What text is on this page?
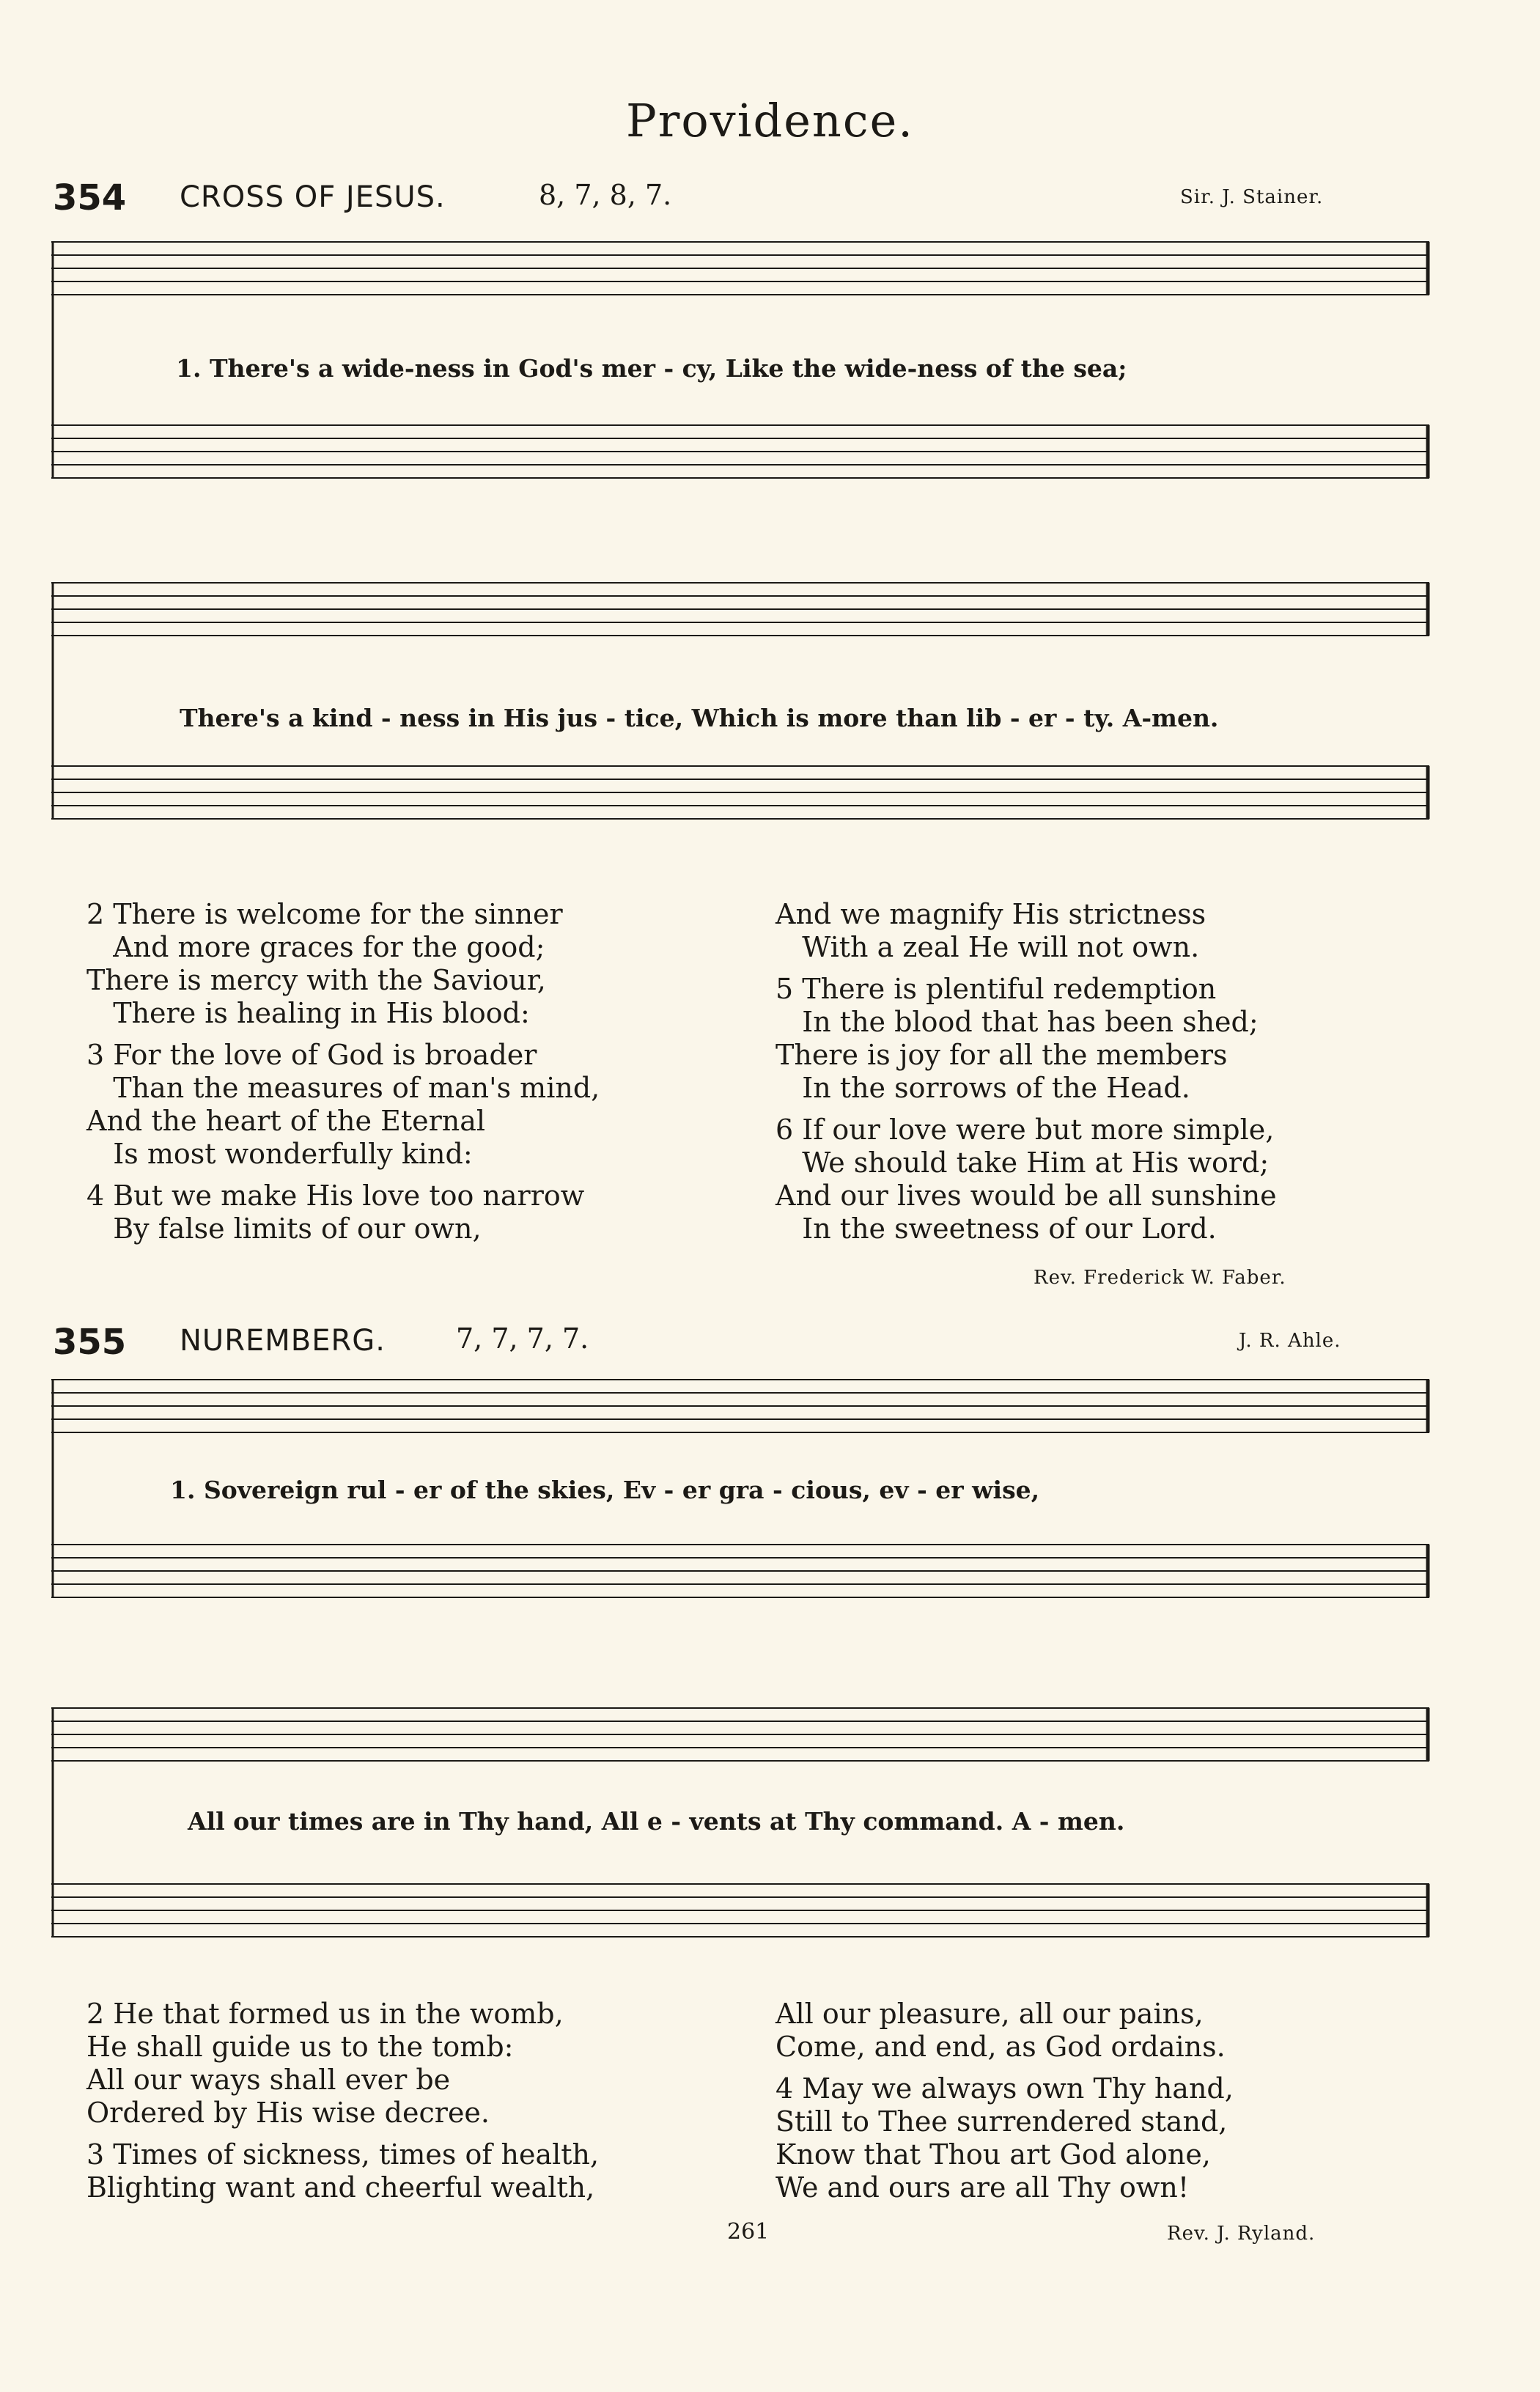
Providence.
354 CROSS OF JESUS.	8, 7, 8, 7.	Sir. J. Stainer.
1. There's a wide-ness in God's mer - cy, Like the wide-ness of the sea;
There's a kind - ness in His jus - tice, Which is more than lib - er - ty. A-men.
2 There is welcome for the sinner
And more graces for the good;
There is mercy with the Saviour,
There is healing in His blood:
3 For the love of God is broader
Than the measures of man's mind,
And the heart of the Eternal
Is most wonderfully kind:
4 But we make His love too narrow
By false limits of our own,
And we magnify His strictness
With a zeal He will not own.
5 There is plentiful redemption
In the blood that has been shed;
There is joy for all the members
In the sorrows of the Head.
6 If our love were but more simple,
We should take Him at His word;
And our lives would be all sunshine
In the sweetness of our Lord.
Rev. Frederick W. Faber.
355 NUREMBERG.	7, 7, 7, 7.	J. R. Ahle.
1. Sovereign rul - er of the skies, Ev - er gra - cious, ev - er wise,
All our times are in Thy hand, All e - vents at Thy command. A - men.
2 He that formed us in the womb,
He shall guide us to the tomb:
All our ways shall ever be
Ordered by His wise decree.
3 Times of sickness, times of health,
Blighting want and cheerful wealth,
All our pleasure, all our pains,
Come, and end, as God ordains.
4 May we always own Thy hand,
Still to Thee surrendered stand,
Know that Thou art God alone,
We and ours are all Thy own!
261	Rev. J. Ryland.
